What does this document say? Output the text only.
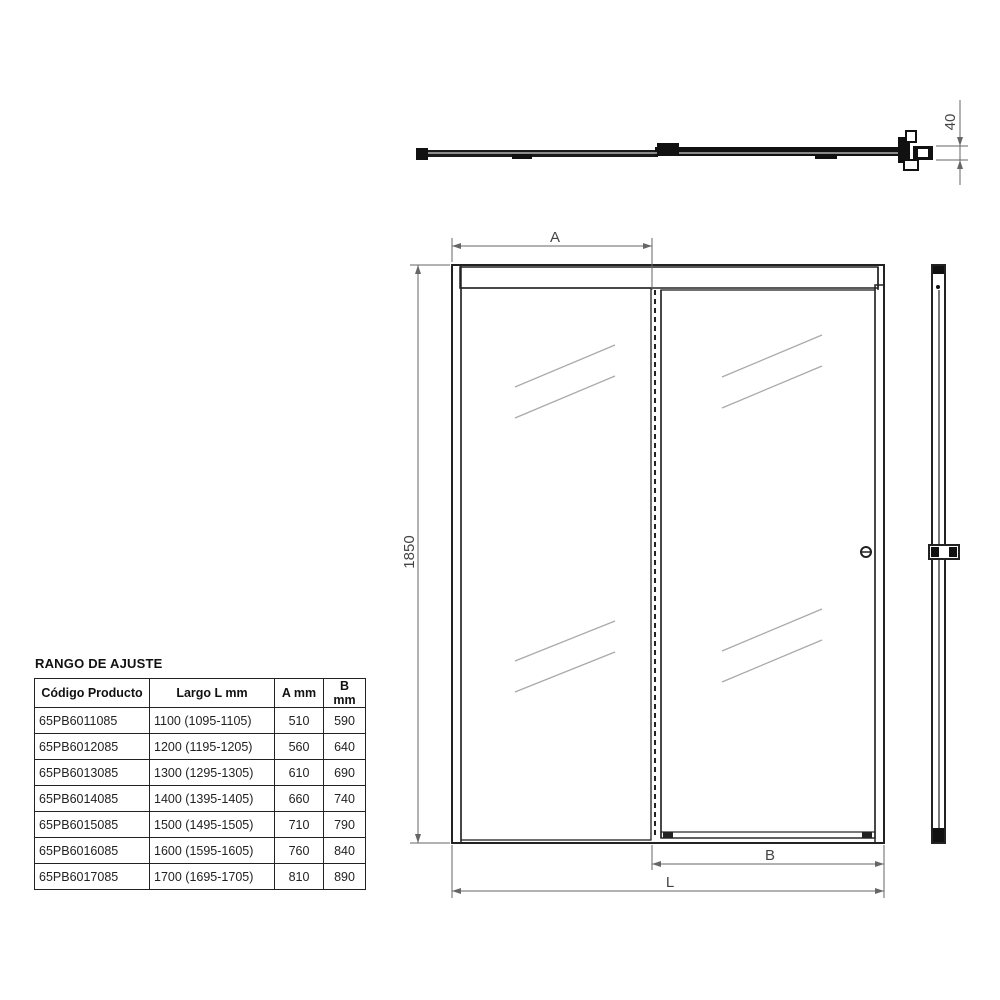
40
A
1850
B
L
RANGO DE AJUSTE
Código Producto	Largo L mm	A mm	B mm
65PB6011085	1100 (1095-1105)	510	590
65PB6012085	1200 (1195-1205)	560	640
65PB6013085	1300 (1295-1305)	610	690
65PB6014085	1400 (1395-1405)	660	740
65PB6015085	1500 (1495-1505)	710	790
65PB6016085	1600 (1595-1605)	760	840
65PB6017085	1700 (1695-1705)	810	890
